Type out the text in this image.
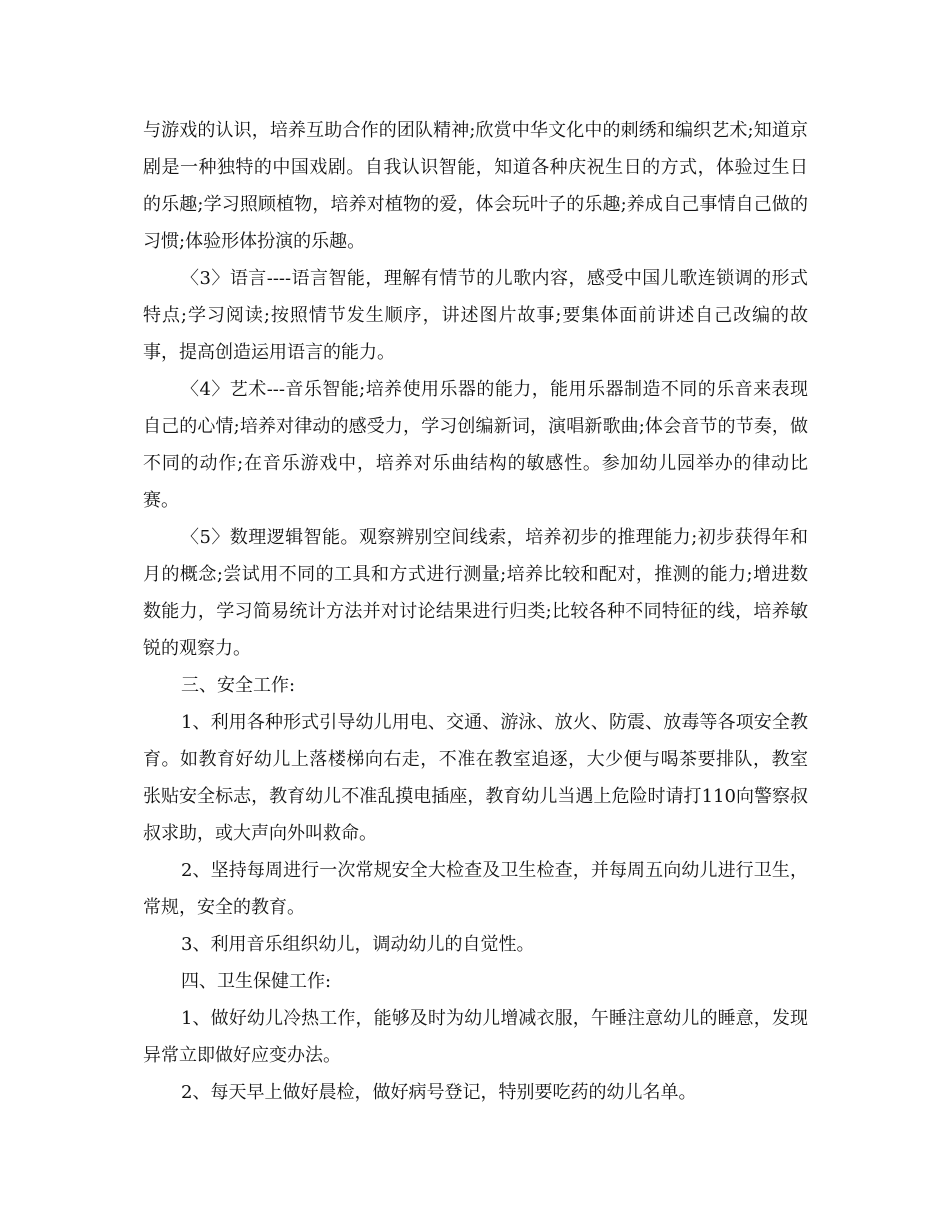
与游戏的认识，培养互助合作的团队精神;欣赏中华文化中的刺绣和编织艺术;知道京剧是一种独特的中国戏剧。自我认识智能，知道各种庆祝生日的方式，体验过生日的乐趣;学习照顾植物，培养对植物的爱，体会玩叶子的乐趣;养成自己事情自己做的习惯;体验形体扮演的乐趣。

〈3〉语言----语言智能，理解有情节的儿歌内容，感受中国儿歌连锁调的形式特点;学习阅读;按照情节发生顺序，讲述图片故事;要集体面前讲述自己改编的故事，提高创造运用语言的能力。

〈4〉艺术---音乐智能;培养使用乐器的能力，能用乐器制造不同的乐音来表现自己的心情;培养对律动的感受力，学习创编新词，演唱新歌曲;体会音节的节奏，做不同的动作;在音乐游戏中，培养对乐曲结构的敏感性。参加幼儿园举办的律动比赛。

〈5〉数理逻辑智能。观察辨别空间线索，培养初步的推理能力;初步获得年和月的概念;尝试用不同的工具和方式进行测量;培养比较和配对，推测的能力;增进数数能力，学习简易统计方法并对讨论结果进行归类;比较各种不同特征的线，培养敏锐的观察力。

三、安全工作:

1、利用各种形式引导幼儿用电、交通、游泳、放火、防震、放毒等各项安全教育。如教育好幼儿上落楼梯向右走，不准在教室追逐，大少便与喝茶要排队，教室张贴安全标志，教育幼儿不准乱摸电插座，教育幼儿当遇上危险时请打110向警察叔叔求助，或大声向外叫救命。

2、坚持每周进行一次常规安全大检查及卫生检查，并每周五向幼儿进行卫生，常规，安全的教育。

3、利用音乐组织幼儿，调动幼儿的自觉性。

四、卫生保健工作:

1、做好幼儿冷热工作，能够及时为幼儿增减衣服，午睡注意幼儿的睡意，发现异常立即做好应变办法。

2、每天早上做好晨检，做好病号登记，特别要吃药的幼儿名单。
